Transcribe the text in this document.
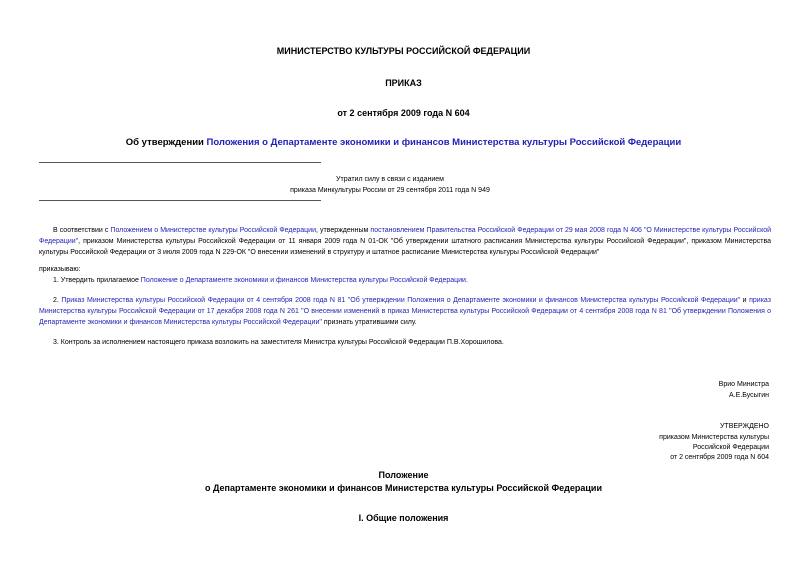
МИНИСТЕРСТВО КУЛЬТУРЫ РОССИЙСКОЙ ФЕДЕРАЦИИ
ПРИКАЗ
от 2 сентября 2009 года N 604
Об утверждении Положения о Департаменте экономики и финансов Министерства культуры Российской Федерации
Утратил силу в связи с изданием
приказа Минкультуры России от 29 сентября 2011 года N 949
В соответствии с Положением о Министерстве культуры Российской Федерации, утвержденным постановлением Правительства Российской Федерации от 29 мая 2008 года N 406 "О Министерстве культуры Российской Федерации", приказом Министерства культуры Российской Федерации от 11 января 2009 года N 01-ОК "Об утверждении штатного расписания Министерства культуры Российской Федерации", приказом Министерства культуры Российской Федерации от 3 июля 2009 года N 229-ОК "О внесении изменений в структуру и штатное расписание Министерства культуры Российской Федерации"
приказываю:
1. Утвердить прилагаемое Положение о Департаменте экономики и финансов Министерства культуры Российской Федерации.
2. Приказ Министерства культуры Российской Федерации от 4 сентября 2008 года N 81 "Об утверждении Положения о Департаменте экономики и финансов Министерства культуры Российской Федерации" и приказ Министерства культуры Российской Федерации от 17 декабря 2008 года N 261 "О внесении изменений в приказ Министерства культуры Российской Федерации от 4 сентября 2008 года N 81 "Об утверждении Положения о Департаменте экономики и финансов Министерства культуры Российской Федерации" признать утратившими силу.
3. Контроль за исполнением настоящего приказа возложить на заместителя Министра культуры Российской Федерации П.В.Хорошилова.
Врио Министра
А.Е.Бусыгин
УТВЕРЖДЕНО
приказом Министерства культуры
Российской Федерации
от 2 сентября 2009 года N 604
Положение
о Департаменте экономики и финансов Министерства культуры Российской Федерации
I. Общие положения
